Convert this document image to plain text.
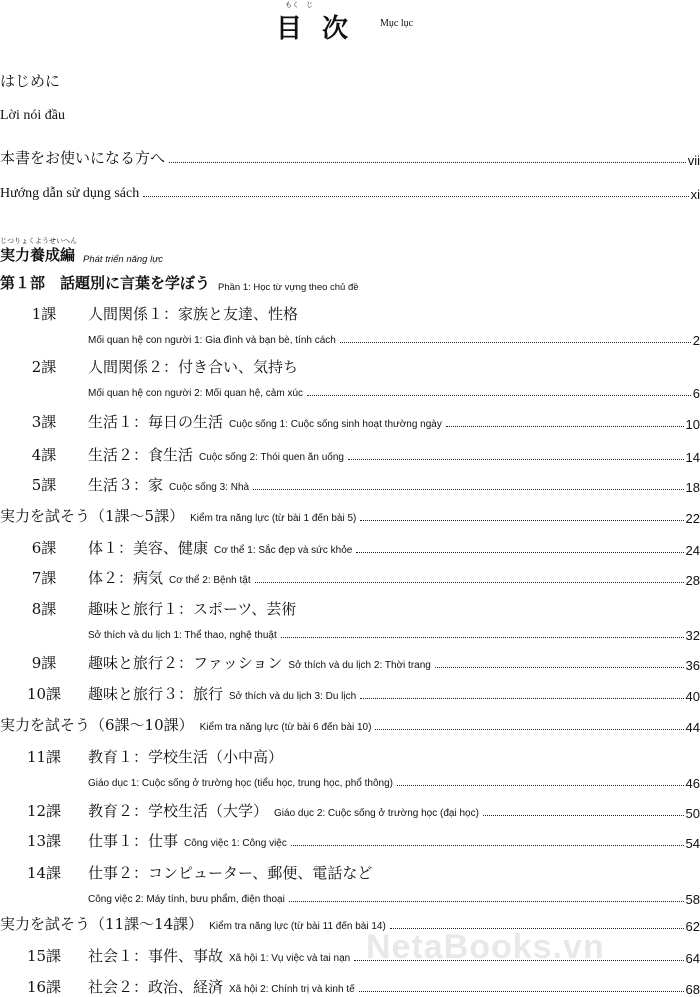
目次
もく　じ
Mục lục
はじめに
Lời nói đầu
本書をお使いになる方へ	vii
Hướng dẫn sử dụng sách	xi
じつりょくようせいへん
実力養成編 Phát triển năng lực
第１部　話題別に言葉を学ぼう Phần 1: Học từ vựng theo chủ đề
1課	人間関係１：家族と友達、性格
Mối quan hệ con người 1: Gia đình và bạn bè, tính cách	2
2課	人間関係２：付き合い、気持ち
Mối quan hệ con người 2: Mối quan hệ, cảm xúc	6
3課	生活１：毎日の生活 Cuộc sống 1: Cuộc sống sinh hoạt thường ngày	10
4課	生活２：食生活 Cuộc sống 2: Thói quen ăn uống	14
5課	生活３：家 Cuộc sống 3: Nhà	18
実力を試そう（1課～5課） Kiểm tra năng lực (từ bài 1 đến bài 5)	22
6課	体１：美容、健康 Cơ thể 1: Sắc đẹp và sức khỏe	24
7課	体２：病気 Cơ thể 2: Bệnh tật	28
8課	趣味と旅行１：スポーツ、芸術
Sở thích và du lịch 1: Thể thao, nghệ thuật	32
9課	趣味と旅行２：ファッション Sở thích và du lịch 2: Thời trang	36
10課	趣味と旅行３：旅行 Sở thích và du lịch 3: Du lịch	40
実力を試そう（6課～10課） Kiểm tra năng lực (từ bài 6 đến bài 10)	44
11課	教育１：学校生活（小中高）
Giáo dục 1: Cuộc sống ở trường học (tiểu học, trung học, phổ thông)	46
12課	教育２：学校生活（大学） Giáo dục 2: Cuộc sống ở trường học (đại học)	50
13課	仕事１：仕事 Công việc 1: Công việc	54
14課	仕事２：コンピューター、郵便、電話など
Công việc 2: Máy tính, bưu phẩm, điện thoại	58
実力を試そう（11課～14課） Kiểm tra năng lực (từ bài 11 đến bài 14)	62
15課	社会１：事件、事故 Xã hội 1: Vụ việc và tai nạn	64
16課	社会２：政治、経済 Xã hội 2: Chính trị và kinh tế	68
NetaBooks.vn
